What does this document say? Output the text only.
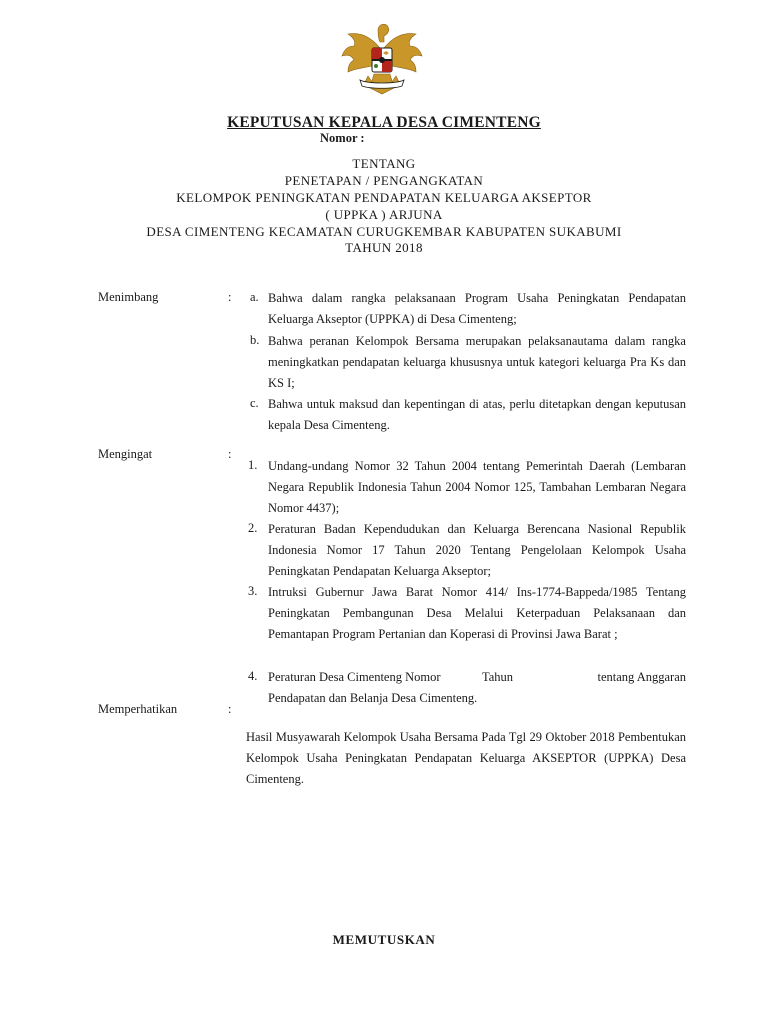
KEPUTUSAN KEPALA DESA CIMENTENG
Nomor :
TENTANG
PENETAPAN / PENGANGKATAN
KELOMPOK PENINGKATAN PENDAPATAN KELUARGA AKSEPTOR
( UPPKA ) ARJUNA
DESA CIMENTENG KECAMATAN CURUGKEMBAR KABUPATEN SUKABUMI
TAHUN 2018
Menimbang	: a. Bahwa dalam rangka pelaksanaan Program Usaha Peningkatan Pendapatan Keluarga Akseptor (UPPKA) di Desa Cimenteng;
b. Bahwa peranan Kelompok Bersama merupakan pelaksanautama dalam rangka meningkatkan pendapatan keluarga khususnya untuk kategori keluarga Pra Ks dan KS I;
c. Bahwa untuk maksud dan kepentingan di atas, perlu ditetapkan dengan keputusan kepala Desa Cimenteng.
Mengingat	:
1. Undang-undang Nomor 32 Tahun 2004 tentang Pemerintah Daerah (Lembaran Negara Republik Indonesia Tahun 2004 Nomor 125, Tambahan Lembaran Negara Nomor 4437);
2. Peraturan Badan Kependudukan dan Keluarga Berencana Nasional Republik Indonesia Nomor 17 Tahun 2020 Tentang Pengelolaan Kelompok Usaha Peningkatan Pendapatan Keluarga Akseptor;
3. Intruksi Gubernur Jawa Barat Nomor 414/ Ins-1774-Bappeda/1985 Tentang Peningkatan Pembangunan Desa Melalui Keterpaduan Pelaksanaan dan Pemantapan Program Pertanian dan Koperasi di Provinsi Jawa Barat ;
4. Peraturan Desa Cimenteng Nomor	Tahun	tentang Anggaran
Pendapatan dan Belanja Desa Cimenteng.
Memperhatikan	:
Hasil Musyawarah Kelompok Usaha Bersama Pada Tgl 29 Oktober 2018 Pembentukan Kelompok Usaha Peningkatan Pendapatan Keluarga AKSEPTOR (UPPKA) Desa Cimenteng.
MEMUTUSKAN
